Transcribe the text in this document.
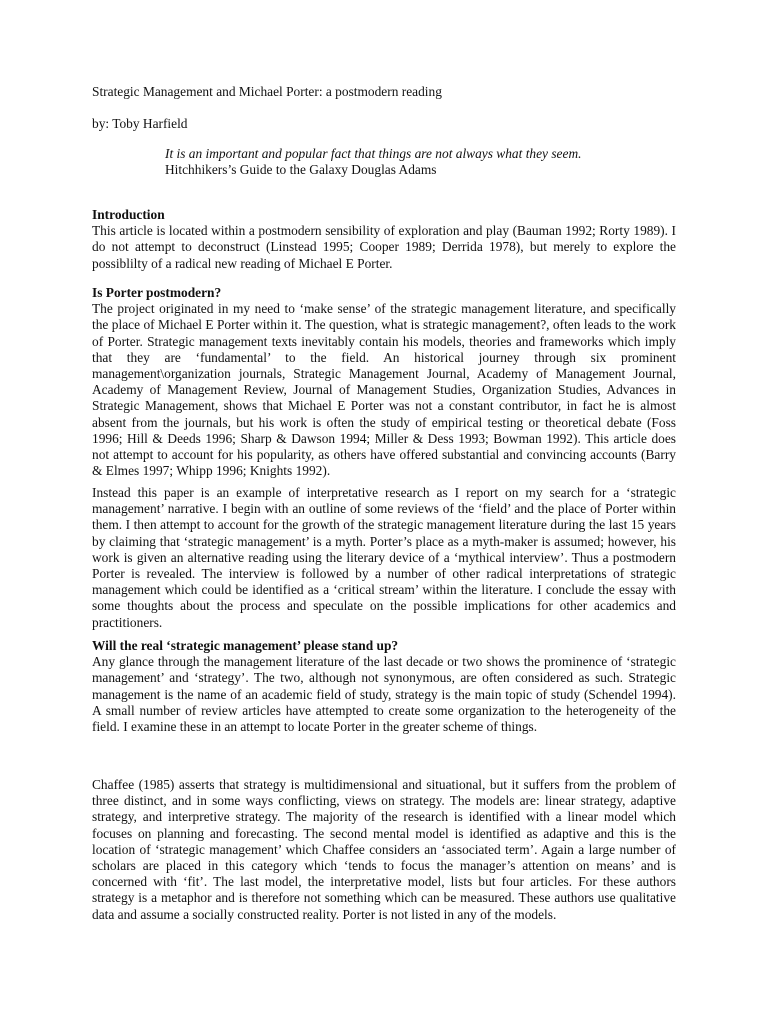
Strategic Management and Michael Porter: a postmodern reading
by: Toby Harfield
It is an important and popular fact that things are not always what they seem.
Hitchhikers’s Guide to the Galaxy Douglas Adams
Introduction

This article is located within a postmodern sensibility of exploration and play (Bauman 1992; Rorty 1989). I do not attempt to deconstruct (Linstead 1995; Cooper 1989; Derrida 1978), but merely to explore the possiblilty of a radical new reading of Michael E Porter.

Is Porter postmodern?

The project originated in my need to ‘make sense’ of the strategic management literature, and specifically the place of Michael E Porter within it. The question, what is strategic management?, often leads to the work of Porter. Strategic management texts inevitably contain his models, theories and frameworks which imply that they are ‘fundamental’ to the field. An historical journey through six prominent management\organization journals, Strategic Management Journal, Academy of Management Journal, Academy of Management Review, Journal of Management Studies, Organization Studies, Advances in Strategic Management, shows that Michael E Porter was not a constant contributor, in fact he is almost absent from the journals, but his work is often the study of empirical testing or theoretical debate (Foss 1996; Hill & Deeds 1996; Sharp & Dawson 1994; Miller & Dess 1993; Bowman 1992). This article does not attempt to account for his popularity, as others have offered substantial and convincing accounts (Barry & Elmes 1997; Whipp 1996; Knights 1992).

Instead this paper is an example of interpretative research as I report on my search for a ‘strategic management’ narrative. I begin with an outline of some reviews of the ‘field’ and the place of Porter within them. I then attempt to account for the growth of the strategic management literature during the last 15 years by claiming that ‘strategic management’ is a myth. Porter’s place as a myth-maker is assumed; however, his work is given an alternative reading using the literary device of a ‘mythical interview’. Thus a postmodern Porter is revealed. The interview is followed by a number of other radical interpretations of strategic management which could be identified as a ‘critical stream’ within the literature. I conclude the essay with some thoughts about the process and speculate on the possible implications for other academics and practitioners.

Will the real ‘strategic management’ please stand up?

Any glance through the management literature of the last decade or two shows the prominence of ‘strategic management’ and ‘strategy’. The two, although not synonymous, are often considered as such. Strategic management is the name of an academic field of study, strategy is the main topic of study (Schendel 1994). A small number of review articles have attempted to create some organization to the heterogeneity of the field. I examine these in an attempt to locate Porter in the greater scheme of things.

Chaffee (1985) asserts that strategy is multidimensional and situational, but it suffers from the problem of three distinct, and in some ways conflicting, views on strategy. The models are: linear strategy, adaptive strategy, and interpretive strategy. The majority of the research is identified with a linear model which focuses on planning and forecasting. The second mental model is identified as adaptive and this is the location of ‘strategic management’ which Chaffee considers an ‘associated term’. Again a large number of scholars are placed in this category which ‘tends to focus the manager’s attention on means’ and is concerned with ‘fit’. The last model, the interpretative model, lists but four articles. For these authors strategy is a metaphor and is therefore not something which can be measured. These authors use qualitative data and assume a socially constructed reality. Porter is not listed in any of the models.
